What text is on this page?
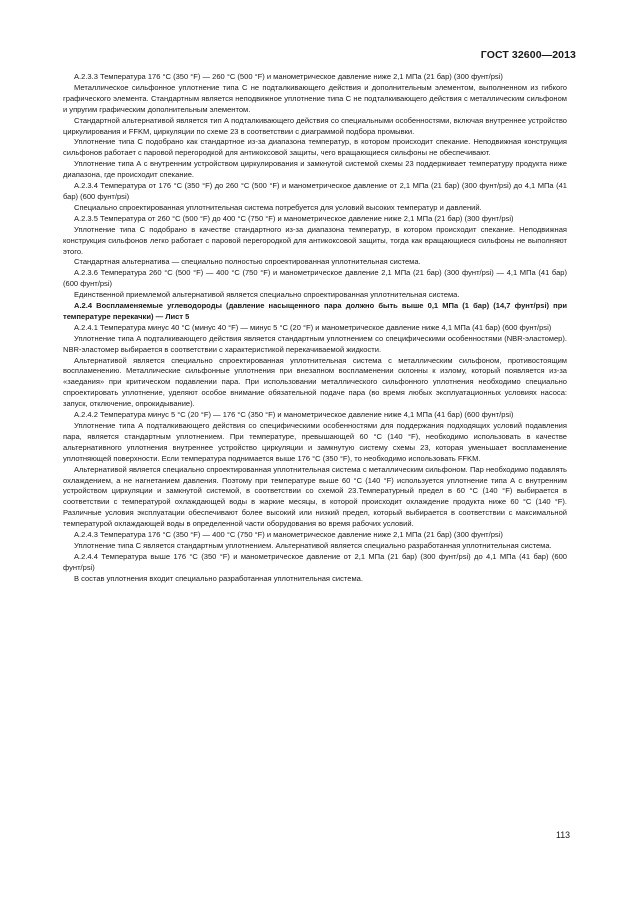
ГОСТ 32600—2013

А.2.3.3 Температура 176 °С (350 °F) — 260 °С (500 °F) и манометрическое давление ниже 2,1 МПа (21 бар) (300 фунт/psi)

Металлическое сильфонное уплотнение типа С не подталкивающего действия и дополнительным элементом, выполненном из гибкого графического элемента. Стандартным является неподвижное уплотнение типа С не подталкивающего действия с металлическим сильфоном и упругим графическим дополнительным элементом.

Стандартной альтернативой является тип А подталкивающего действия со специальными особенностями, включая внутреннее устройство циркулирования и FFKM, циркуляции по схеме 23 в соответствии с диаграммой подбора промывки.

Уплотнение типа С подобрано как стандартное из-за диапазона температур, в котором происходит спекание. Неподвижная конструкция сильфонов работает с паровой перегородкой для антикоксовой защиты, чего вращающиеся сильфоны не обеспечивают.

Уплотнение типа А с внутренним устройством циркулирования и замкнутой системой схемы 23 поддерживает температуру продукта ниже диапазона, где происходит спекание.

А.2.3.4 Температура от 176 °С (350 °F) до 260 °С (500 °F) и манометрическое давление от 2,1 МПа (21 бар) (300 фунт/psi) до 4,1 МПа (41 бар) (600 фунт/psi)

Специально спроектированная уплотнительная система потребуется для условий высоких температур и давлений.

А.2.3.5 Температура от 260 °С (500 °F) до 400 °С (750 °F) и манометрическое давление ниже 2,1 МПа (21 бар) (300 фунт/psi)

Уплотнение типа С подобрано в качестве стандартного из-за диапазона температур, в котором происходит спекание. Неподвижная конструкция сильфонов легко работает с паровой перегородкой для антикоксовой защиты, тогда как вращающиеся сильфоны не выполняют этого.

Стандартная альтернатива — специально полностью спроектированная уплотнительная система.

А.2.3.6 Температура 260 °С (500 °F) — 400 °С (750 °F) и манометрическое давление 2,1 МПа (21 бар) (300 фунт/psi) — 4,1 МПа (41 бар) (600 фунт/psi)

Единственной приемлемой альтернативой является специально спроектированная уплотнительная система.

А.2.4 Воспламеняемые углеводороды (давление насыщенного пара должно быть выше 0,1 МПа (1 бар) (14,7 фунт/psi) при температуре перекачки) — Лист 5

А.2.4.1 Температура минус 40 °С (минус 40 °F) — минус 5 °С (20 °F) и манометрическое давление ниже 4,1 МПа (41 бар) (600 фунт/psi)

Уплотнение типа А подталкивающего действия является стандартным уплотнением со специфическими особенностями (NBR-эластомер). NBR-эластомер выбирается в соответствии с характеристикой перекачиваемой жидкости.

Альтернативой является специально спроектированная уплотнительная система с металлическим сильфоном, противостоящим воспламенению. Металлические сильфонные уплотнения при внезапном воспламенении склонны к излому, который появляется из-за «заедания» при критическом подавлении пара. При использовании металлического сильфонного уплотнения необходимо специально спроектировать уплотнение, уделяют особое внимание обязательной подаче пара (во время любых эксплуатационных условиях насоса: запуск, отключение, опрокидывание).

А.2.4.2 Температура минус 5 °С (20 °F) — 176 °С (350 °F) и манометрическое давление ниже 4,1 МПа (41 бар) (600 фунт/psi)

Уплотнение типа А подталкивающего действия со специфическими особенностями для поддержания подходящих условий подавления пара, является стандартным уплотнением. При температуре, превышающей 60 °С (140 °F), необходимо использовать в качестве альтернативного уплотнения внутреннее устройство циркуляции и замкнутую систему схемы 23, которая уменьшает воспламенение уплотняющей поверхности. Если температура поднимается выше 176 °С (350 °F), то необходимо использовать FFKM.

Альтернативой является специально спроектированная уплотнительная система с металлическим сильфоном. Пар необходимо подавлять охлаждением, а не нагнетанием давления. Поэтому при температуре выше 60 °С (140 °F) используется уплотнение типа А с внутренним устройством циркуляции и замкнутой системой, в соответствии со схемой 23.Температурный предел в 60 °С (140 °F) выбирается в соответствии с температурой охлаждающей воды в жаркие месяцы, в которой происходит охлаждение продукта ниже 60 °С (140 °F). Различные условия эксплуатации обеспечивают более высокий или низкий предел, который выбирается в соответствии с максимальной температурой охлаждающей воды в определенной части оборудования во время рабочих условий.

А.2.4.3 Температура 176 °С (350 °F) — 400 °С (750 °F) и манометрическое давление ниже 2,1 МПа (21 бар) (300 фунт/psi)

Уплотнение типа С является стандартным уплотнением. Альтернативой является специально разработанная уплотнительная система.

А.2.4.4 Температура выше 176 °С (350 °F) и манометрическое давление от 2,1 МПа (21 бар) (300 фунт/psi) до 4,1 МПа (41 бар) (600 фунт/psi)

В состав уплотнения входит специально разработанная уплотнительная система.

113
